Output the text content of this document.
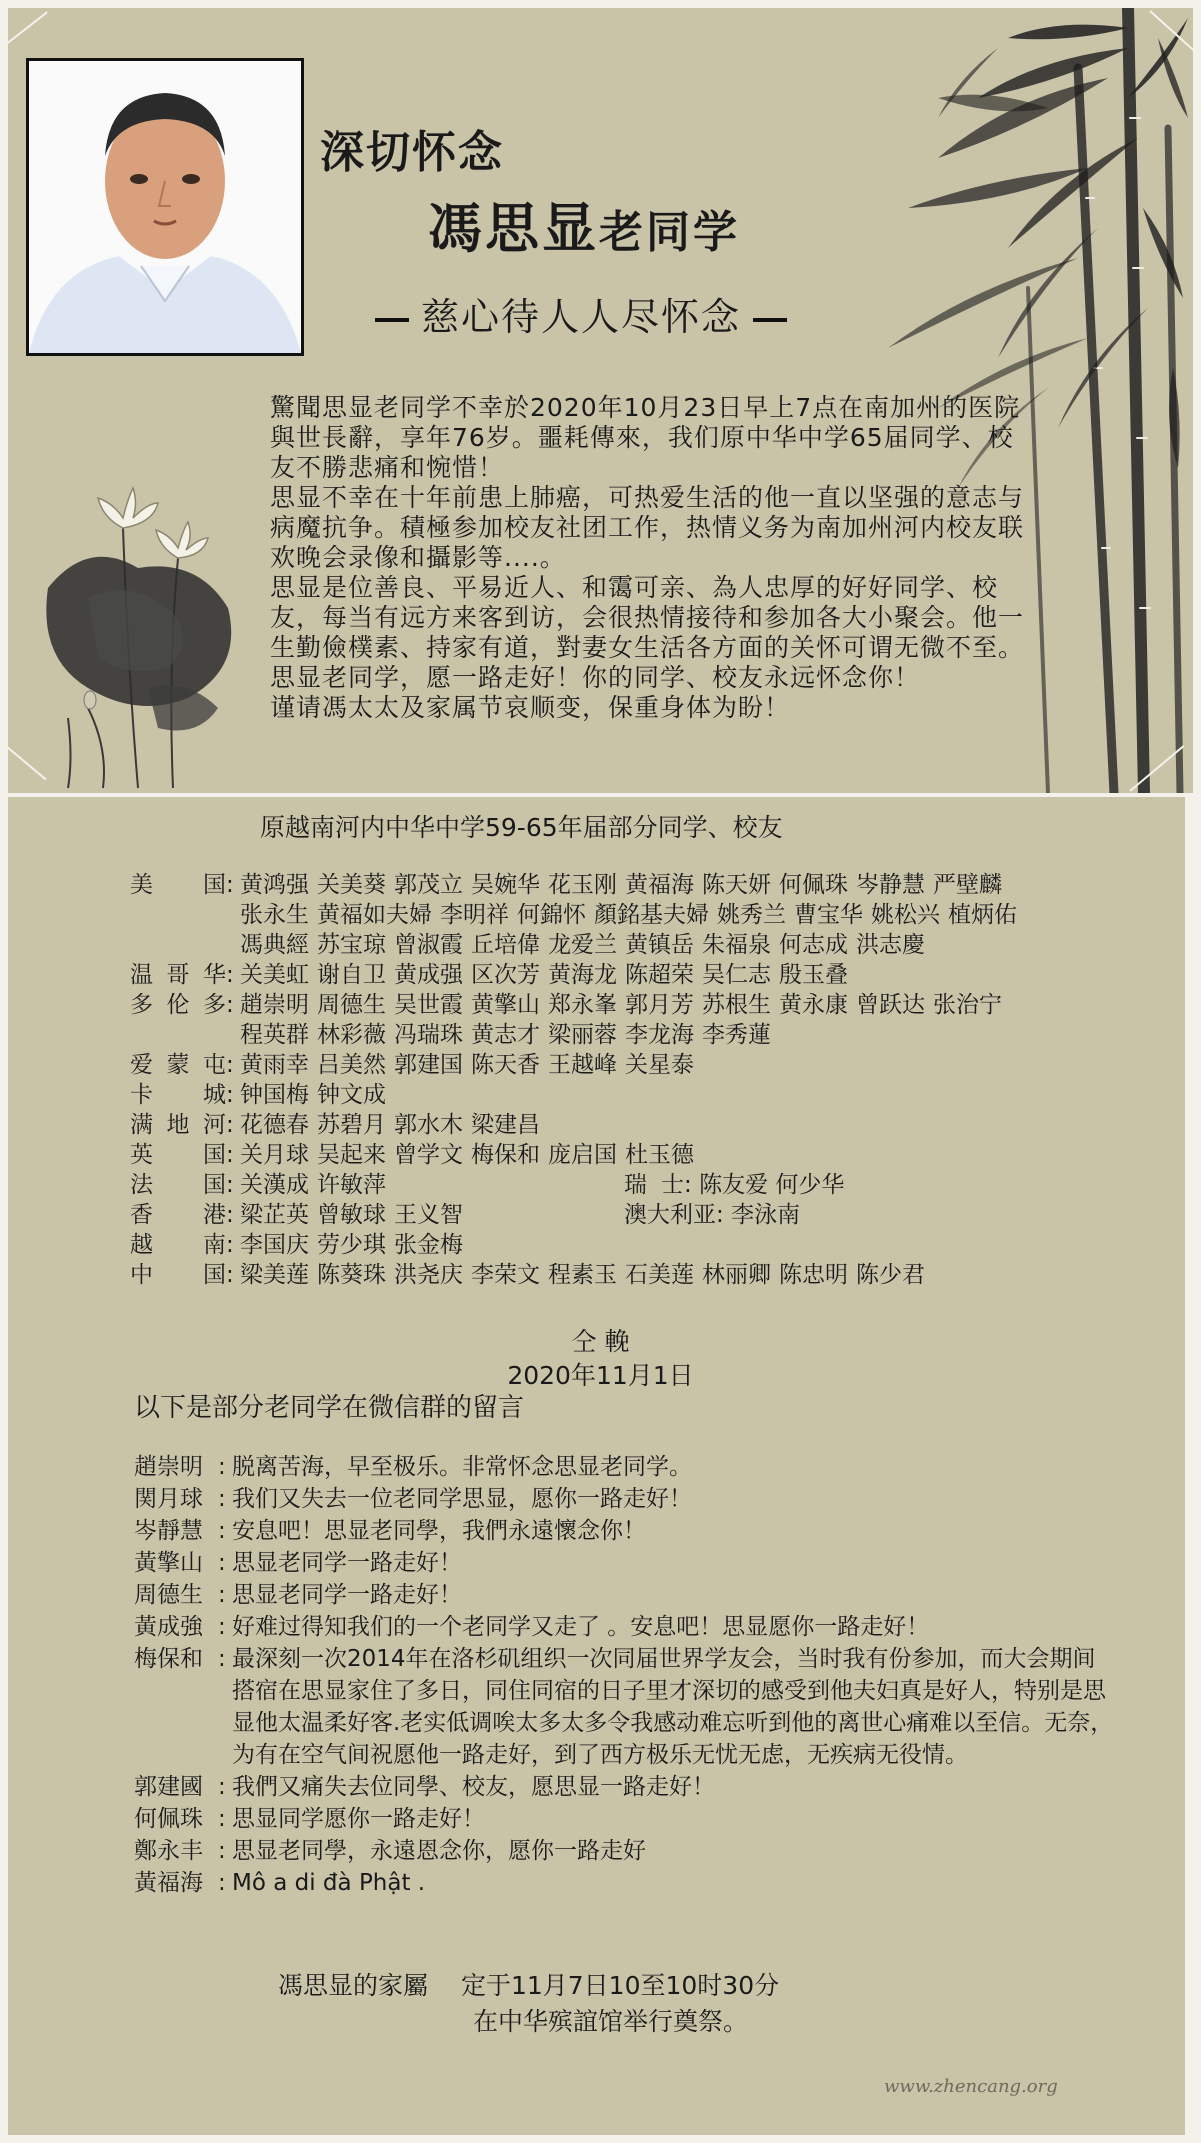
深切怀念
馮思显老同学
慈心待人人尽怀念

驚聞思显老同学不幸於2020年10月23日早上7点在南加州的医院與世長辭，享年76岁。噩耗傳來，我们原中华中学65届同学、校友不勝悲痛和惋惜！

思显不幸在十年前患上肺癌，可热爱生活的他一直以坚强的意志与病魔抗争。積極参加校友社团工作，热情义务为南加州河内校友联欢晚会录像和攝影等....。

思显是位善良、平易近人、和霭可亲、為人忠厚的好好同学、校友，每当有远方来客到访，会很热情接待和参加各大小聚会。他一生勤儉樸素、持家有道，對妻女生活各方面的关怀可谓无微不至。

思显老同学，愿一路走好！你的同学、校友永远怀念你！

谨请馮太太及家属节哀顺变，保重身体为盼！

原越南河内中华中学59-65年届部分同学、校友
美国 : 黄鸿强 关美葵 郭茂立 吴婉华 花玉刚 黄福海 陈天妍 何佩珠 岑静慧 严壁麟
张永生 黄福如夫婦 李明祥 何錦怀 顏銘基夫婦 姚秀兰 曹宝华 姚松兴 植炳佑
馮典經 苏宝琼 曾淑霞 丘培偉 龙爱兰 黄镇岳 朱福泉 何志成 洪志慶
温哥华 : 关美虹 谢自卫 黄成强 区次芳 黄海龙 陈超荣 吴仁志 殷玉叠
多伦多 : 趙崇明 周德生 吴世霞 黄擎山 郑永峯 郭月芳 苏根生 黄永康 曾跃达 张治宁
程英群 林彩薇 冯瑞珠 黄志才 梁丽蓉 李龙海 李秀蓮
爱蒙屯 : 黄雨幸 吕美然 郭建国 陈天香 王越峰 关星泰
卡城 : 钟国梅 钟文成
满地河 : 花德春 苏碧月 郭水木 梁建昌
英国 : 关月球 吴起来 曾学文 梅保和 庞启国 杜玉德
法国 : 关漢成 许敏萍
香港 : 梁芷英 曾敏球 王义智
越南 : 李国庆 劳少琪 张金梅
中国 : 梁美莲 陈葵珠 洪尧庆 李荣文 程素玉 石美莲 林丽卿 陈忠明 陈少君
瑞士: 陈友爱 何少华
澳大利亚: 李泳南
仝 輓
2020年11月1日
以下是部分老同学在微信群的留言
趙崇明 : 脱离苦海，早至极乐。非常怀念思显老同学。
関月球 : 我们又失去一位老同学思显，愿你一路走好！
岑靜慧 : 安息吧！思显老同學，我們永遠懷念你！
黃擎山 : 思显老同学一路走好！
周德生 : 思显老同学一路走好！
黃成強 : 好难过得知我们的一个老同学又走了 。安息吧！思显愿你一路走好！
梅保和 : 最深刻一次2014年在洛杉矶组织一次同届世界学友会，当时我有份参加，而大会期间搭宿在思显家住了多日，同住同宿的日子里才深切的感受到他夫妇真是好人，特别是思显他太温柔好客.老实低调唉太多太多令我感动难忘听到他的离世心痛难以至信。无奈，为有在空气间祝愿他一路走好，到了西方极乐无忧无虑，无疾病无役情。
郭建國 : 我們又痛失去位同學、校友，愿思显一路走好！
何佩珠 : 思显同学愿你一路走好！
鄭永丰 : 思显老同學，永遠恩念你，愿你一路走好
黃福海 : Mô a di đà Phật .
馮思显的家屬　 定于11月7日10至10时30分
在中华殡誼馆举行奠祭。
www.zhencang.org
